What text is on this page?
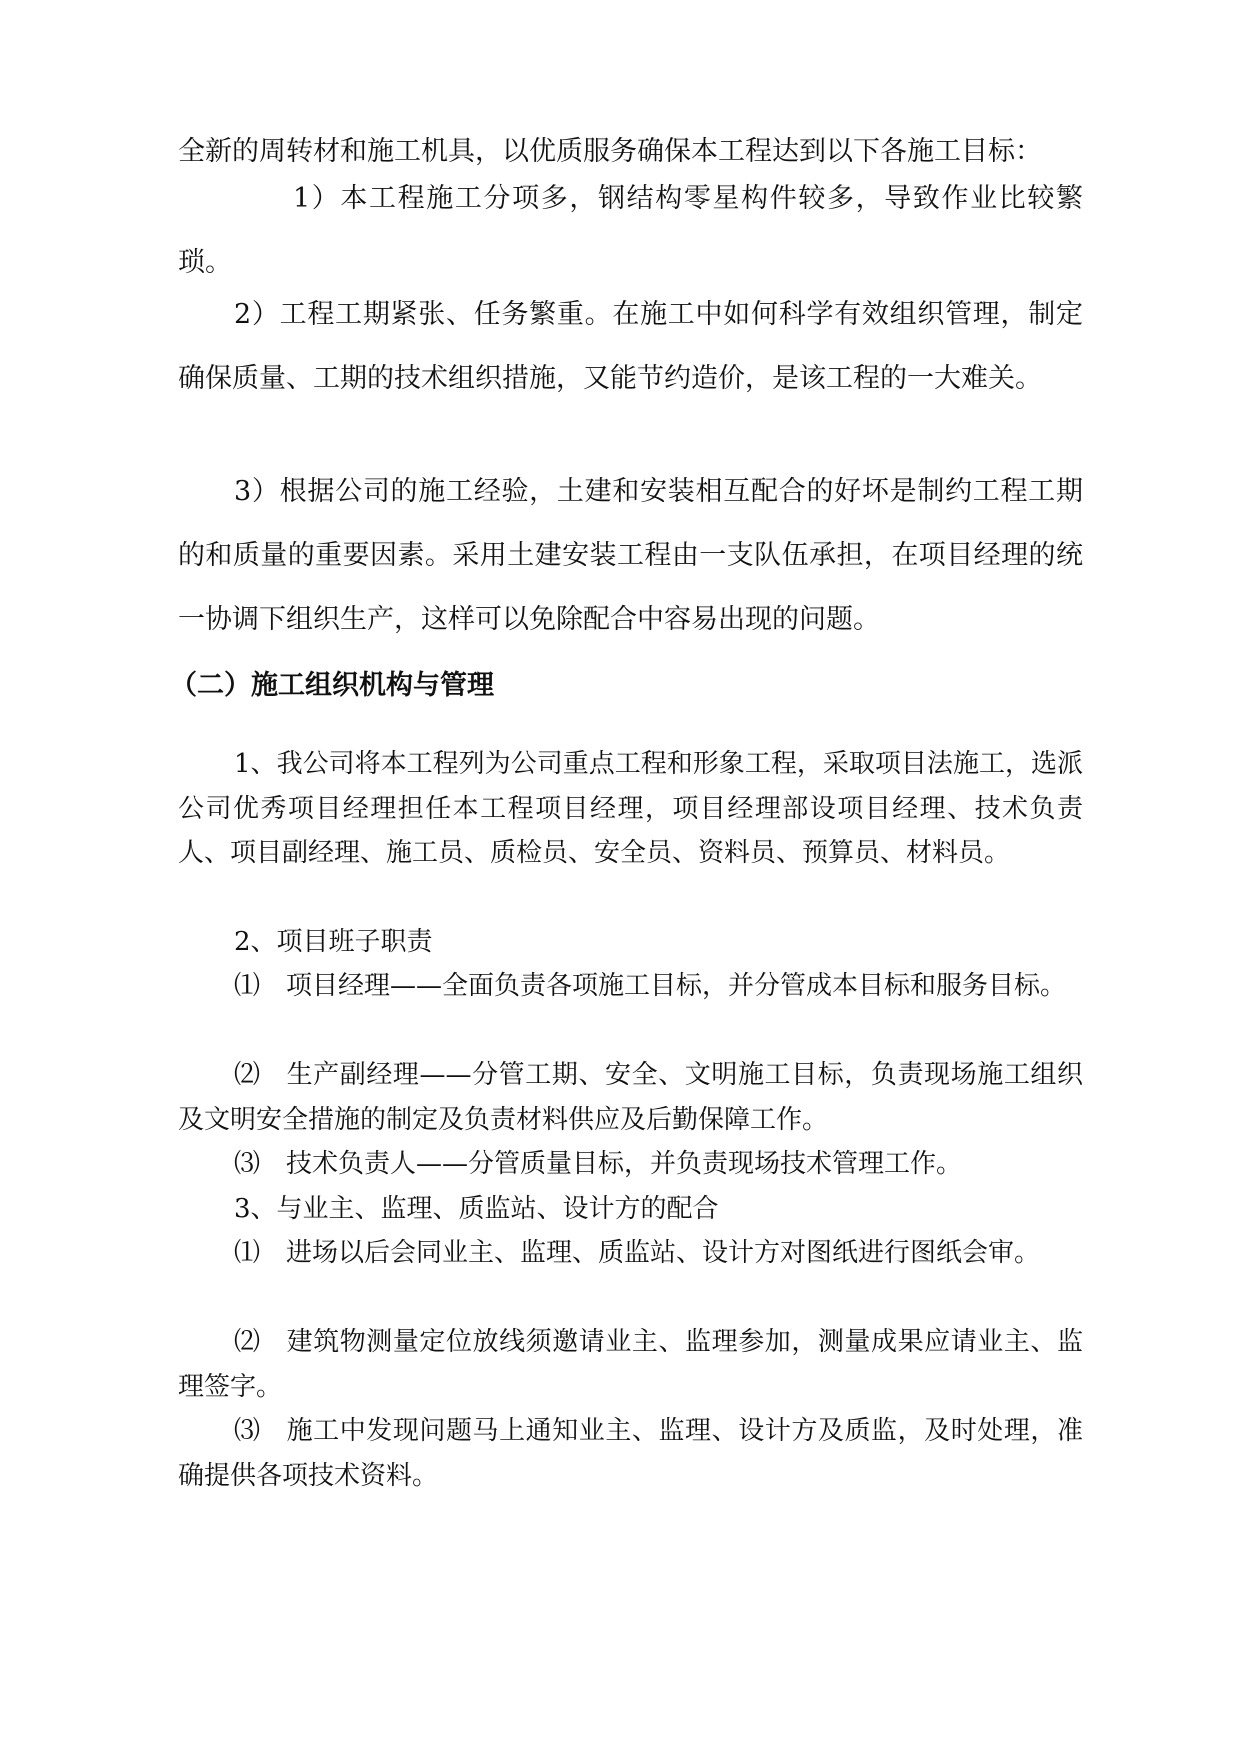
全新的周转材和施工机具，以优质服务确保本工程达到以下各施工目标：

1）本工程施工分项多，钢结构零星构件较多，导致作业比较繁琐。

2）工程工期紧张、任务繁重。在施工中如何科学有效组织管理，制定确保质量、工期的技术组织措施，又能节约造价，是该工程的一大难关。

3）根据公司的施工经验，土建和安装相互配合的好坏是制约工程工期的和质量的重要因素。采用土建安装工程由一支队伍承担，在项目经理的统一协调下组织生产，这样可以免除配合中容易出现的问题。

（二）施工组织机构与管理

1、我公司将本工程列为公司重点工程和形象工程，采取项目法施工，选派公司优秀项目经理担任本工程项目经理，项目经理部设项目经理、技术负责人、项目副经理、施工员、质检员、安全员、资料员、预算员、材料员。

2、项目班子职责

⑴ 项目经理——全面负责各项施工目标，并分管成本目标和服务目标。

⑵ 生产副经理——分管工期、安全、文明施工目标，负责现场施工组织及文明安全措施的制定及负责材料供应及后勤保障工作。

⑶ 技术负责人——分管质量目标，并负责现场技术管理工作。

3、与业主、监理、质监站、设计方的配合

⑴ 进场以后会同业主、监理、质监站、设计方对图纸进行图纸会审。

⑵ 建筑物测量定位放线须邀请业主、监理参加，测量成果应请业主、监理签字。

⑶ 施工中发现问题马上通知业主、监理、设计方及质监，及时处理，准确提供各项技术资料。
